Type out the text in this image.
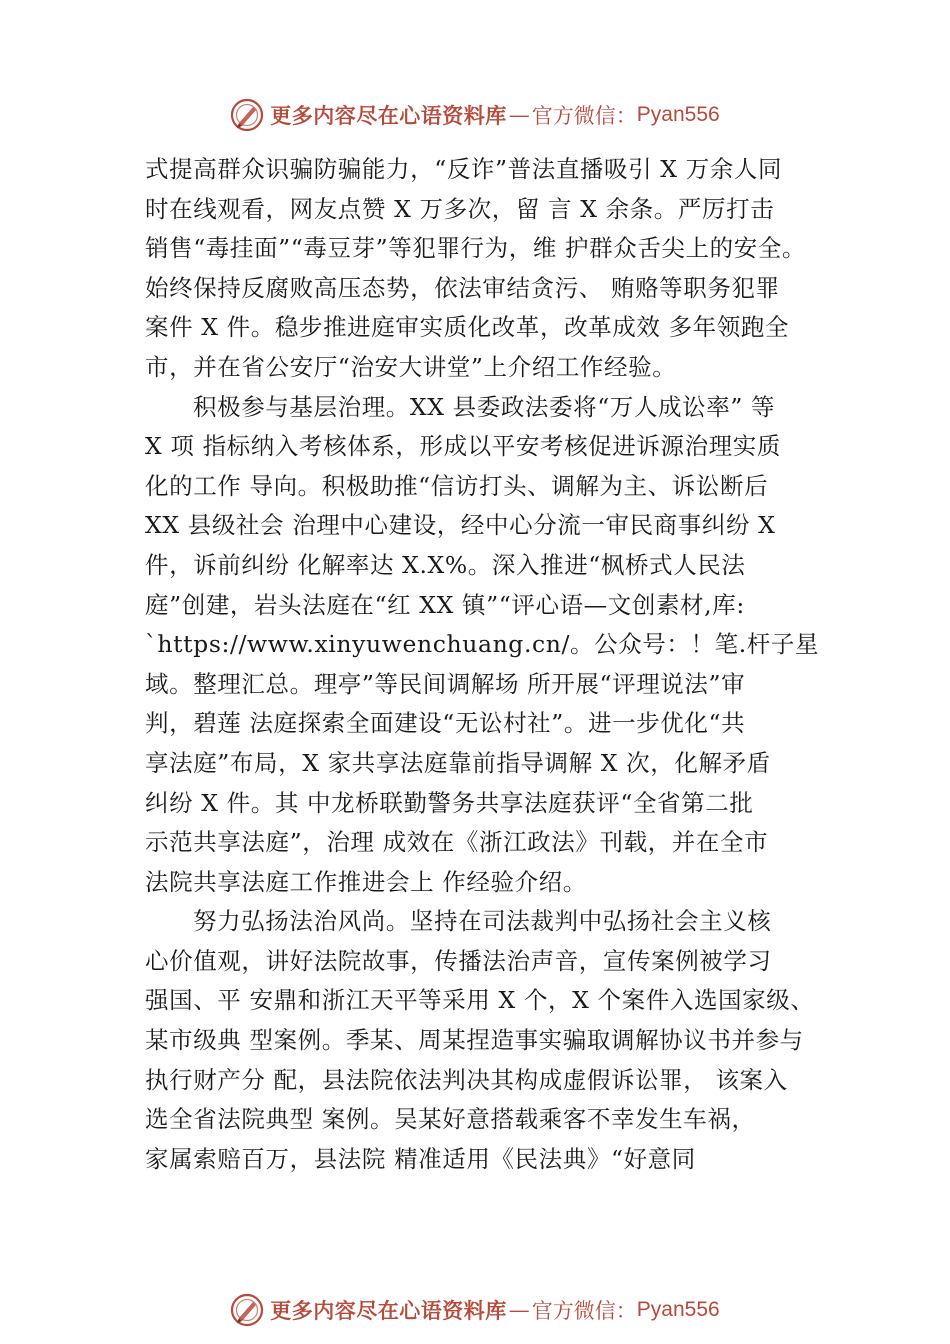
更多内容尽在心语资料库 — 官方微信： Pyan556
式提高群众识骗防骗能力，“反诈”普法直播吸引 X 万余人同
时在线观看，网友点赞 X 万多次，留 言 X 余条。严厉打击
销售“毒挂面”“毒豆芽”等犯罪行为，维 护群众舌尖上的安全。
始终保持反腐败高压态势，依法审结贪污、 贿赂等职务犯罪
案件 X 件。稳步推进庭审实质化改革，改革成效 多年领跑全
市，并在省公安厅“治安大讲堂”上介绍工作经验。
积极参与基层治理。XX 县委政法委将“万人成讼率” 等
X 项 指标纳入考核体系，形成以平安考核促进诉源治理实质
化的工作 导向。积极助推“信访打头、调解为主、诉讼断后
XX 县级社会 治理中心建设，经中心分流一审民商事纠纷 X
件，诉前纠纷 化解率达 X.X%。深入推进“枫桥式人民法
庭”创建，岩头法庭在“红 XX 镇”“评心语—文创素材,库:
`https://www.xinyuwenchuang.cn/。公众号：！笔.杆子星
域。整理汇总。理亭”等民间调解场 所开展“评理说法”审
判，碧莲 法庭探索全面建设“无讼村社”。进一步优化“共
享法庭”布局，X 家共享法庭靠前指导调解 X 次，化解矛盾
纠纷 X 件。其 中龙桥联勤警务共享法庭获评“全省第二批
示范共享法庭”，治理 成效在《浙江政法》刊载，并在全市
法院共享法庭工作推进会上 作经验介绍。
努力弘扬法治风尚。坚持在司法裁判中弘扬社会主义核
心价值观，讲好法院故事，传播法治声音，宣传案例被学习
强国、平 安鼎和浙江天平等采用 X 个，X 个案件入选国家级、
某市级典 型案例。季某、周某捏造事实骗取调解协议书并参与
执行财产分 配，县法院依法判决其构成虚假诉讼罪， 该案入
选全省法院典型 案例。吴某好意搭载乘客不幸发生车祸，
家属索赔百万，县法院 精准适用《民法典》“好意同
更多内容尽在心语资料库 — 官方微信： Pyan556
